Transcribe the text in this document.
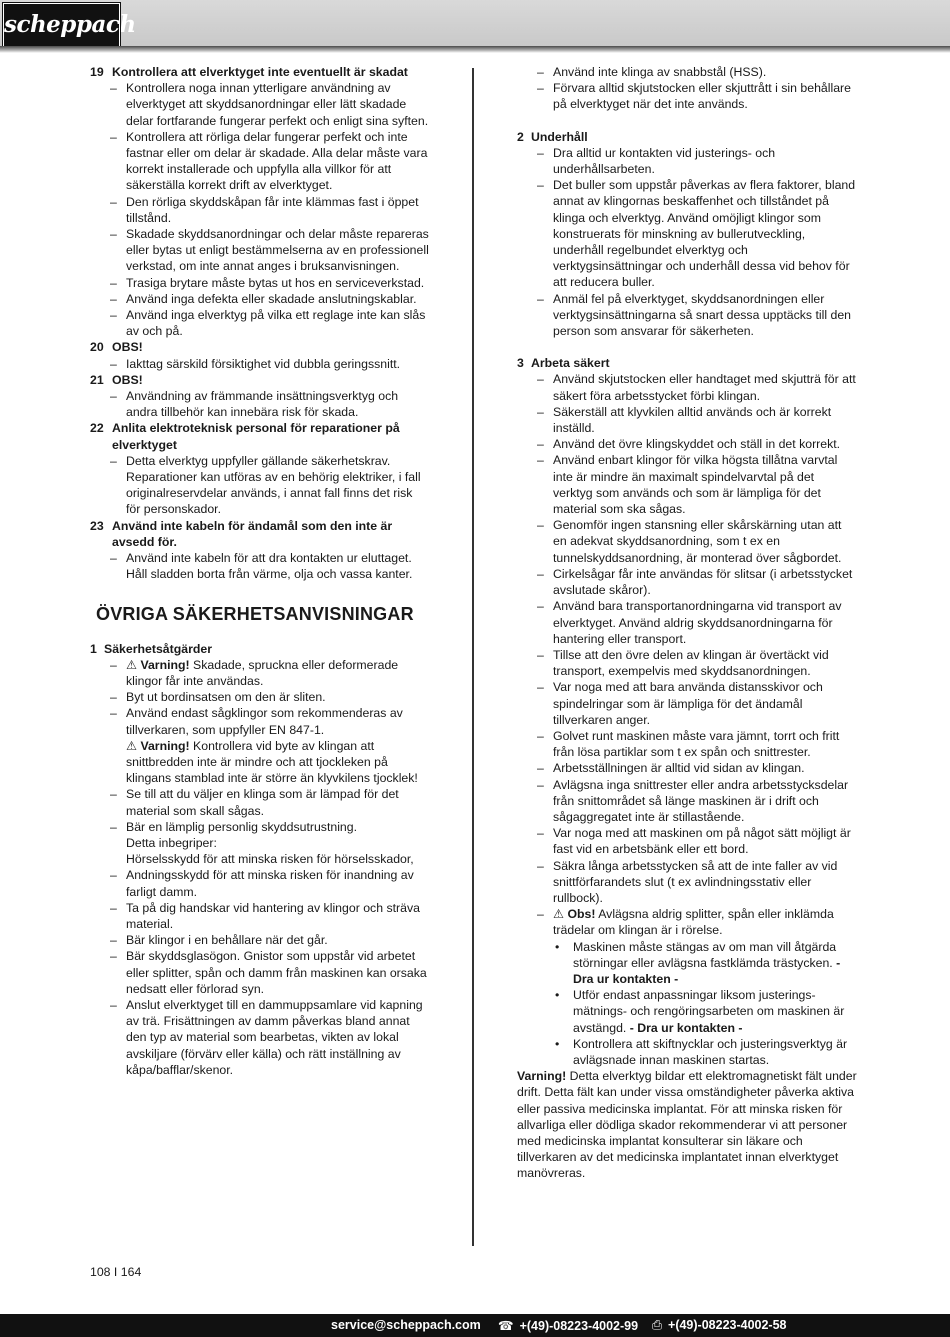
scheppach
19 Kontrollera att elverktyget inte eventuellt är skadat
– Kontrollera noga innan ytterligare användning av elverktyget att skyddsanordningar eller lätt skadade delar fortfarande fungerar perfekt och enligt sina syften.
– Kontrollera att rörliga delar fungerar perfekt och inte fastnar eller om delar är skadade. Alla delar måste vara korrekt installerade och uppfylla alla villkor för att säkerställa korrekt drift av elverktyget.
– Den rörliga skyddskåpan får inte klämmas fast i öppet tillstånd.
– Skadade skyddsanordningar och delar måste repareras eller bytas ut enligt bestämmelserna av en professionell verkstad, om inte annat anges i bruksanvisningen.
– Trasiga brytare måste bytas ut hos en serviceverkstad.
– Använd inga defekta eller skadade anslutningskablar.
– Använd inga elverktyg på vilka ett reglage inte kan slås av och på.
20 OBS!
– Iakttag särskild försiktighet vid dubbla geringssnitt.
21 OBS!
– Användning av främmande insättningsverktyg och andra tillbehör kan innebära risk för skada.
22 Anlita elektroteknisk personal för reparationer på elverktyget
– Detta elverktyg uppfyller gällande säkerhetskrav. Reparationer kan utföras av en behörig elektriker, i fall originalreservdelar används, i annat fall finns det risk för personskador.
23 Använd inte kabeln för ändamål som den inte är avsedd för.
– Använd inte kabeln för att dra kontakten ur eluttaget. Håll sladden borta från värme, olja och vassa kanter.
ÖVRIGA SÄKERHETSANVISNINGAR
1 Säkerhetsåtgärder
– ⚠ Varning! Skadade, spruckna eller deformerade klingor får inte användas.
– Byt ut bordinsatsen om den är sliten.
– Använd endast sågklingor som rekommenderas av tillverkaren, som uppfyller EN 847-1.
⚠ Varning! Kontrollera vid byte av klingan att snittbredden inte är mindre och att tjockleken på klingans stamblad inte är större än klyvkilens tjocklek!
– Se till att du väljer en klinga som är lämpad för det material som skall sågas.
– Bär en lämplig personlig skyddsutrustning.
Detta inbegriper:
Hörselsskydd för att minska risken för hörselsskador,
– Andningsskydd för att minska risken för inandning av farligt damm.
– Ta på dig handskar vid hantering av klingor och sträva material.
– Bär klingor i en behållare när det går.
– Bär skyddsglasögon. Gnistor som uppstår vid arbetet eller splitter, spån och damm från maskinen kan orsaka nedsatt eller förlorad syn.
– Anslut elverktyget till en dammuppsamlare vid kapning av trä. Frisättningen av damm påverkas bland annat den typ av material som bearbetas, vikten av lokal avskiljare (förvärv eller källa) och rätt inställning av kåpa/bafflar/skenor.
– Använd inte klinga av snabbstål (HSS).
– Förvara alltid skjutstocken eller skjuttrått i sin behållare på elverktyget när det inte används.
2 Underhåll
– Dra alltid ur kontakten vid justerings- och underhållsarbeten.
– Det buller som uppstår påverkas av flera faktorer, bland annat av klingornas beskaffenhet och tillståndet på klinga och elverktyg. Använd omöjligt klingor som konstruerats för minskning av bullerutveckling, underhåll regelbundet elverktyg och verktygsinsättningar och underhåll dessa vid behov för att reducera buller.
– Anmäl fel på elverktyget, skyddsanordningen eller verktygsinsättningarna så snart dessa upptäcks till den person som ansvarar för säkerheten.
3 Arbeta säkert
– Använd skjutstocken eller handtaget med skjutträ för att säkert föra arbetsstycket förbi klingan.
– Säkerställ att klyvkilen alltid används och är korrekt inställd.
– Använd det övre klingskyddet och ställ in det korrekt.
– Använd enbart klingor för vilka högsta tillåtna varvtal inte är mindre än maximalt spindelvarvtal på det verktyg som används och som är lämpliga för det material som ska sågas.
– Genomför ingen stansning eller skårskärning utan att en adekvat skyddsanordning, som t ex en tunnelskyddsanordning, är monterad över sågbordet.
– Cirkelsågar får inte användas för slitsar (i arbetsstycket avslutade skåror).
– Använd bara transportanordningarna vid transport av elverktyget. Använd aldrig skyddsanordningarna för hantering eller transport.
– Tillse att den övre delen av klingan är övertäckt vid transport, exempelvis med skyddsanordningen.
– Var noga med att bara använda distansskivor och spindelringar som är lämpliga för det ändamål tillverkaren anger.
– Golvet runt maskinen måste vara jämnt, torrt och fritt från lösa partiklar som t ex spån och snittrester.
– Arbetsställningen är alltid vid sidan av klingan.
– Avlägsna inga snittrester eller andra arbetsstycksdelar från snittområdet så länge maskinen är i drift och sågaggregatet inte är stillastående.
– Var noga med att maskinen om på något sätt möjligt är fast vid en arbetsbänk eller ett bord.
– Säkra långa arbetsstycken så att de inte faller av vid snittförfarandets slut (t ex avlindningsstativ eller rullbock).
– ⚠ Obs! Avlägsna aldrig splitter, spån eller inklämda trädelar om klingan är i rörelse.
• Maskinen måste stängas av om man vill åtgärda störningar eller avlägsna fastklämda trästycken. - Dra ur kontakten -
• Utför endast anpassningar liksom justerings-mätnings- och rengöringsarbeten om maskinen är avstängd. - Dra ur kontakten -
• Kontrollera att skiftnycklar och justeringsverktyg är avlägsnade innan maskinen startas.
Varning! Detta elverktyg bildar ett elektromagnetiskt fält under drift. Detta fält kan under vissa omständigheter påverka aktiva eller passiva medicinska implantat. För att minska risken för allvarliga eller dödliga skador rekommenderar vi att personer med medicinska implantat konsulterar sin läkare och tillverkaren av det medicinska implantatet innan elverktyget manövreras.
108 I 164
service@scheppach.com ☎ +(49)-08223-4002-99 ⎙ +(49)-08223-4002-58
